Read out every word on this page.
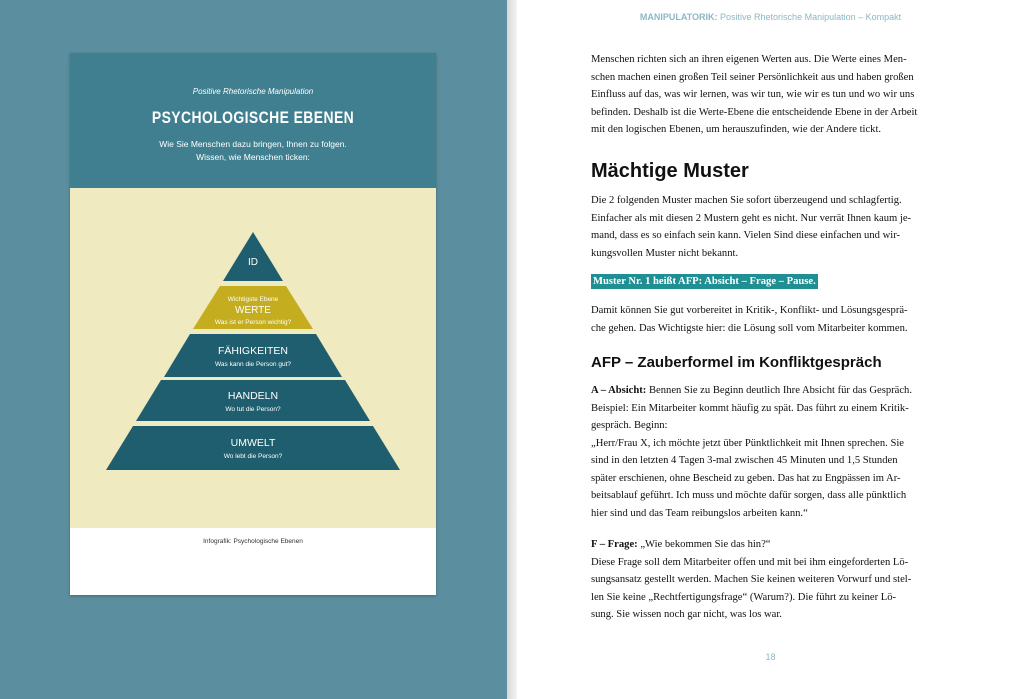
Positive Rhetorische Manipulation
PSYCHOLOGISCHE EBENEN
Wie Sie Menschen dazu bringen, Ihnen zu folgen.
Wissen, wie Menschen ticken:
ID
Wichtigste Ebene
WERTE
Was ist er Person wichtig?
FÄHIGKEITEN
Was kann die Person gut?
HANDELN
Wo tut die Person?
UMWELT
Wo lebt die Person?
Infografik: Psychologische Ebenen
MANIPULATORIK: Positive Rhetorische Manipulation – Kompakt
Menschen richten sich an ihren eigenen Werten aus. Die Werte eines Men-
schen machen einen großen Teil seiner Persönlichkeit aus und haben großen
Einfluss auf das, was wir lernen, was wir tun, wie wir es tun und wo wir uns
befinden. Deshalb ist die Werte-Ebene die entscheidende Ebene in der Arbeit
mit den logischen Ebenen, um herauszufinden, wie der Andere tickt.
Mächtige Muster
Die 2 folgenden Muster machen Sie sofort überzeugend und schlagfertig.
Einfacher als mit diesen 2 Mustern geht es nicht. Nur verrät Ihnen kaum je-
mand, dass es so einfach sein kann. Vielen Sind diese einfachen und wir-
kungsvollen Muster nicht bekannt.
Muster Nr. 1 heißt AFP: Absicht – Frage – Pause.
Damit können Sie gut vorbereitet in Kritik-, Konflikt- und Lösungsgesprä-
che gehen. Das Wichtigste hier: die Lösung soll vom Mitarbeiter kommen.
AFP – Zauberformel im Konfliktgespräch
A – Absicht: Bennen Sie zu Beginn deutlich Ihre Absicht für das Gespräch.
Beispiel: Ein Mitarbeiter kommt häufig zu spät. Das führt zu einem Kritik-
gespräch. Beginn:
„Herr/Frau X, ich möchte jetzt über Pünktlichkeit mit Ihnen sprechen. Sie
sind in den letzten 4 Tagen 3-mal zwischen 45 Minuten und 1,5 Stunden
später erschienen, ohne Bescheid zu geben. Das hat zu Engpässen im Ar-
beitsablauf geführt. Ich muss und möchte dafür sorgen, dass alle pünktlich
hier sind und das Team reibungslos arbeiten kann.“
F – Frage: „Wie bekommen Sie das hin?“
Diese Frage soll dem Mitarbeiter offen und mit bei ihm eingeforderten Lö-
sungsansatz gestellt werden. Machen Sie keinen weiteren Vorwurf und stel-
len Sie keine „Rechtfertigungsfrage“ (Warum?). Die führt zu keiner Lö-
sung. Sie wissen noch gar nicht, was los war.
18
